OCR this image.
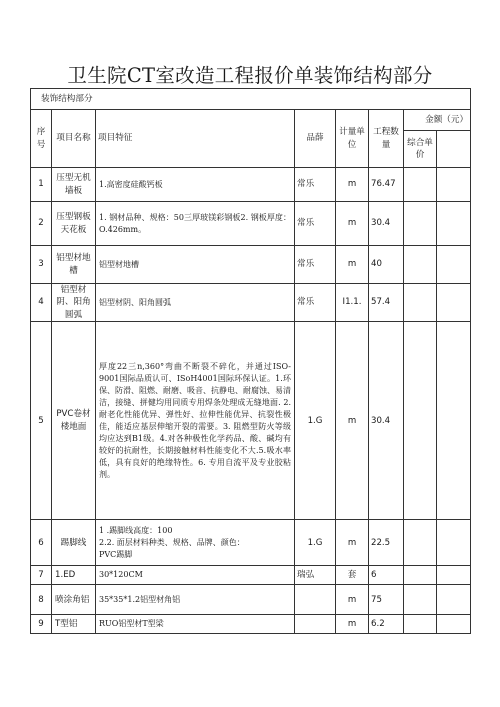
卫生院CT室改造工程报价单装饰结构部分
装饰结构部分							
序号	项目名称	项目特征	品薛	计量单位	工程数量	金额（元）	
						综合单价	
1	压型无机墙板	1.高密度硅酸钙板	常乐	m	76.47		
2	压型钢板天花板	1. 钢材品种、规格：50三厚玻镁彩钢板2. 钢板厚度：O.426mm。	常乐	m	30.4		
3	铝型材地槽	铝型材地槽	常乐	m	40		
4	铝型材阴、阳角圆弧	铝型材阴、阳角圆弧	常乐	I1.1.	57.4		
5	PVC卷材楼地面	厚度22三n,360°弯曲不断裂不碎化，并通过ISO-9001国际品质认可、ISoH4001国际环保认证。1.环保、防滑、阻燃、耐磨、吸音、抗静电、耐腐蚀、易清洁，接缝、拼健均用同质专用焊条处理成无缝地面. 2. 耐老化性能优异、弹性好、拉伸性能优异、抗裂性极佳，能适应基层伸缩开裂的需要。3. 阻燃型防火等级均应达到B1级。4.对各种极性化学药品、酸、碱均有较好的抗耐性，长期接触材料性能变化不大.5.吸水率低，具有良好的绝缘特性。6. 专用自流平及专业胶粘剂。	1.G	m	30.4		
6	踢脚线	1 .踢脚线高度：100
2.2. 面层材料种类、规格、品牌、颜色：
PVC踢脚	1.G	m	22.5		
7	1.ED	30*120CM	瑞弘	套	6		
8	喷涂角铝	35*35*1.2铝型材角铝		m	75		
9	T型铝	RUO铝型材T型梁		m	6.2		
